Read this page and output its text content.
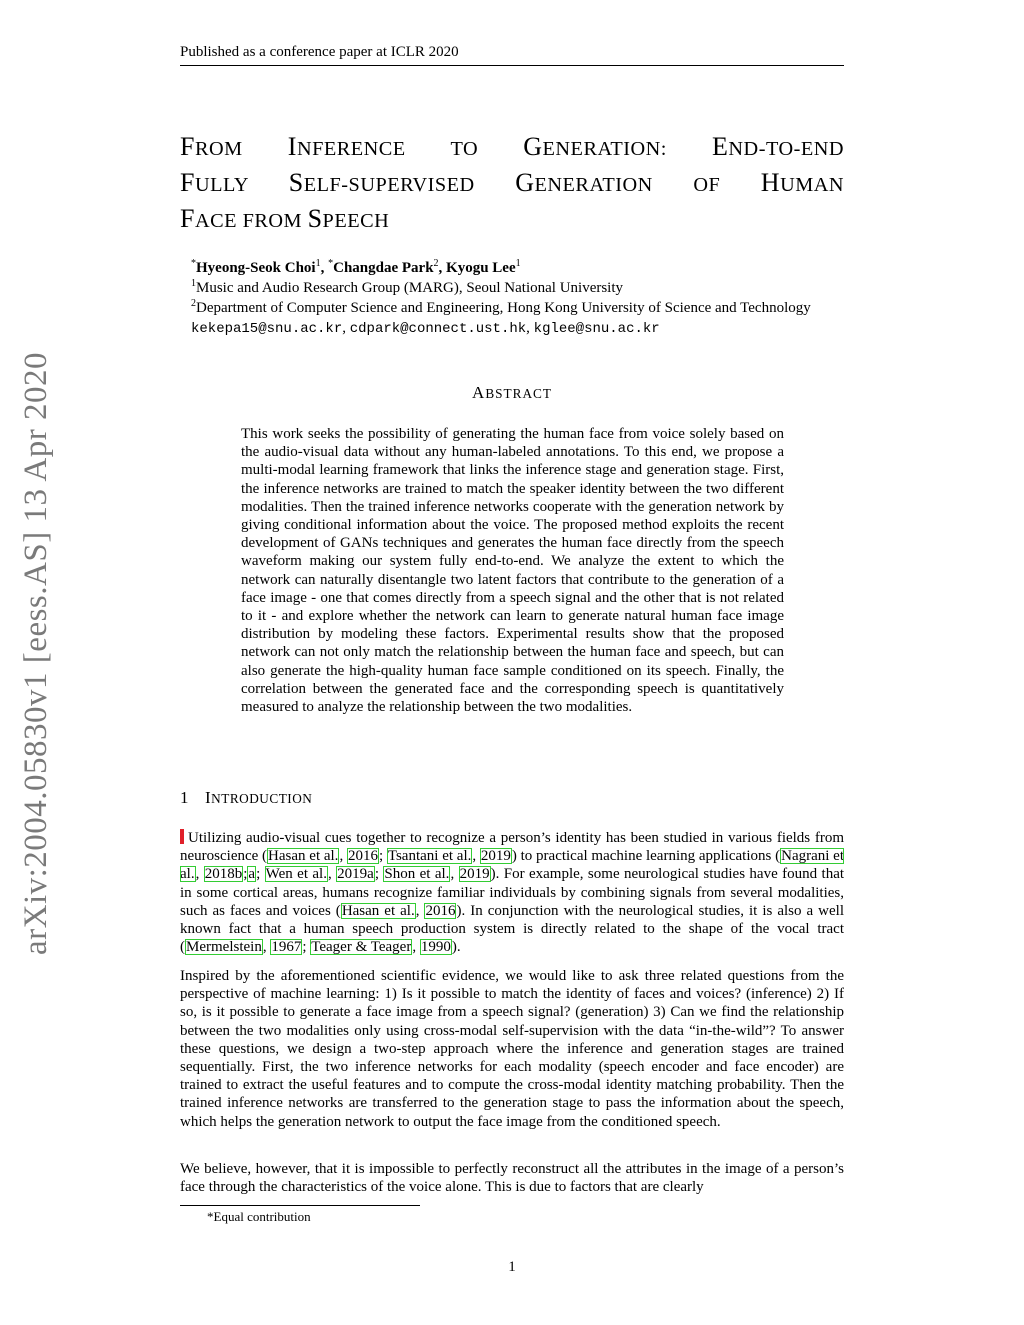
Published as a conference paper at ICLR 2020
FROM INFERENCE TO GENERATION: END-TO-END
FULLY SELF-SUPERVISED GENERATION OF HUMAN
FACE FROM SPEECH
*Hyeong-Seok Choi$^1$, *Changdae Park$^2$, Kyogu Lee$^1$
$^1$Music and Audio Research Group (MARG), Seoul National University
$^2$Department of Computer Science and Engineering, Hong Kong University of Science and Technology
kekepa15@snu.ac.kr, cdpark@connect.ust.hk, kglee@snu.ac.kr
ABSTRACT
This work seeks the possibility of generating the human face from voice solely based on the audio-visual data without any human-labeled annotations. To this end, we propose a multi-modal learning framework that links the inference stage and generation stage. First, the inference networks are trained to match the speaker identity between the two different modalities. Then the trained inference networks cooperate with the generation network by giving conditional information about the voice. The proposed method exploits the recent development of GANs techniques and generates the human face directly from the speech waveform making our system fully end-to-end. We analyze the extent to which the network can naturally disentangle two latent factors that contribute to the generation of a face image - one that comes directly from a speech signal and the other that is not related to it - and explore whether the network can learn to generate natural human face image distribution by modeling these factors. Experimental results show that the proposed network can not only match the relationship between the human face and speech, but can also generate the high-quality human face sample conditioned on its speech. Finally, the correlation between the generated face and the corresponding speech is quantitatively measured to analyze the relationship between the two modalities.
1 INTRODUCTION
Utilizing audio-visual cues together to recognize a person’s identity has been studied in various fields from neuroscience (Hasan et al., 2016; Tsantani et al., 2019) to practical machine learning applications (Nagrani et al., 2018b;a; Wen et al., 2019a; Shon et al., 2019). For example, some neurological studies have found that in some cortical areas, humans recognize familiar individuals by combining signals from several modalities, such as faces and voices (Hasan et al., 2016). In conjunction with the neurological studies, it is also a well known fact that a human speech production system is directly related to the shape of the vocal tract (Mermelstein, 1967; Teager & Teager, 1990).
Inspired by the aforementioned scientific evidence, we would like to ask three related questions from the perspective of machine learning: 1) Is it possible to match the identity of faces and voices? (inference) 2) If so, is it possible to generate a face image from a speech signal? (generation) 3) Can we find the relationship between the two modalities only using cross-modal self-supervision with the data “in-the-wild”? To answer these questions, we design a two-step approach where the inference and generation stages are trained sequentially. First, the two inference networks for each modality (speech encoder and face encoder) are trained to extract the useful features and to compute the cross-modal identity matching probability. Then the trained inference networks are transferred to the generation stage to pass the information about the speech, which helps the generation network to output the face image from the conditioned speech.
We believe, however, that it is impossible to perfectly reconstruct all the attributes in the image of a person’s face through the characteristics of the voice alone. This is due to factors that are clearly
*Equal contribution
1
arXiv:2004.05830v1 [eess.AS] 13 Apr 2020
